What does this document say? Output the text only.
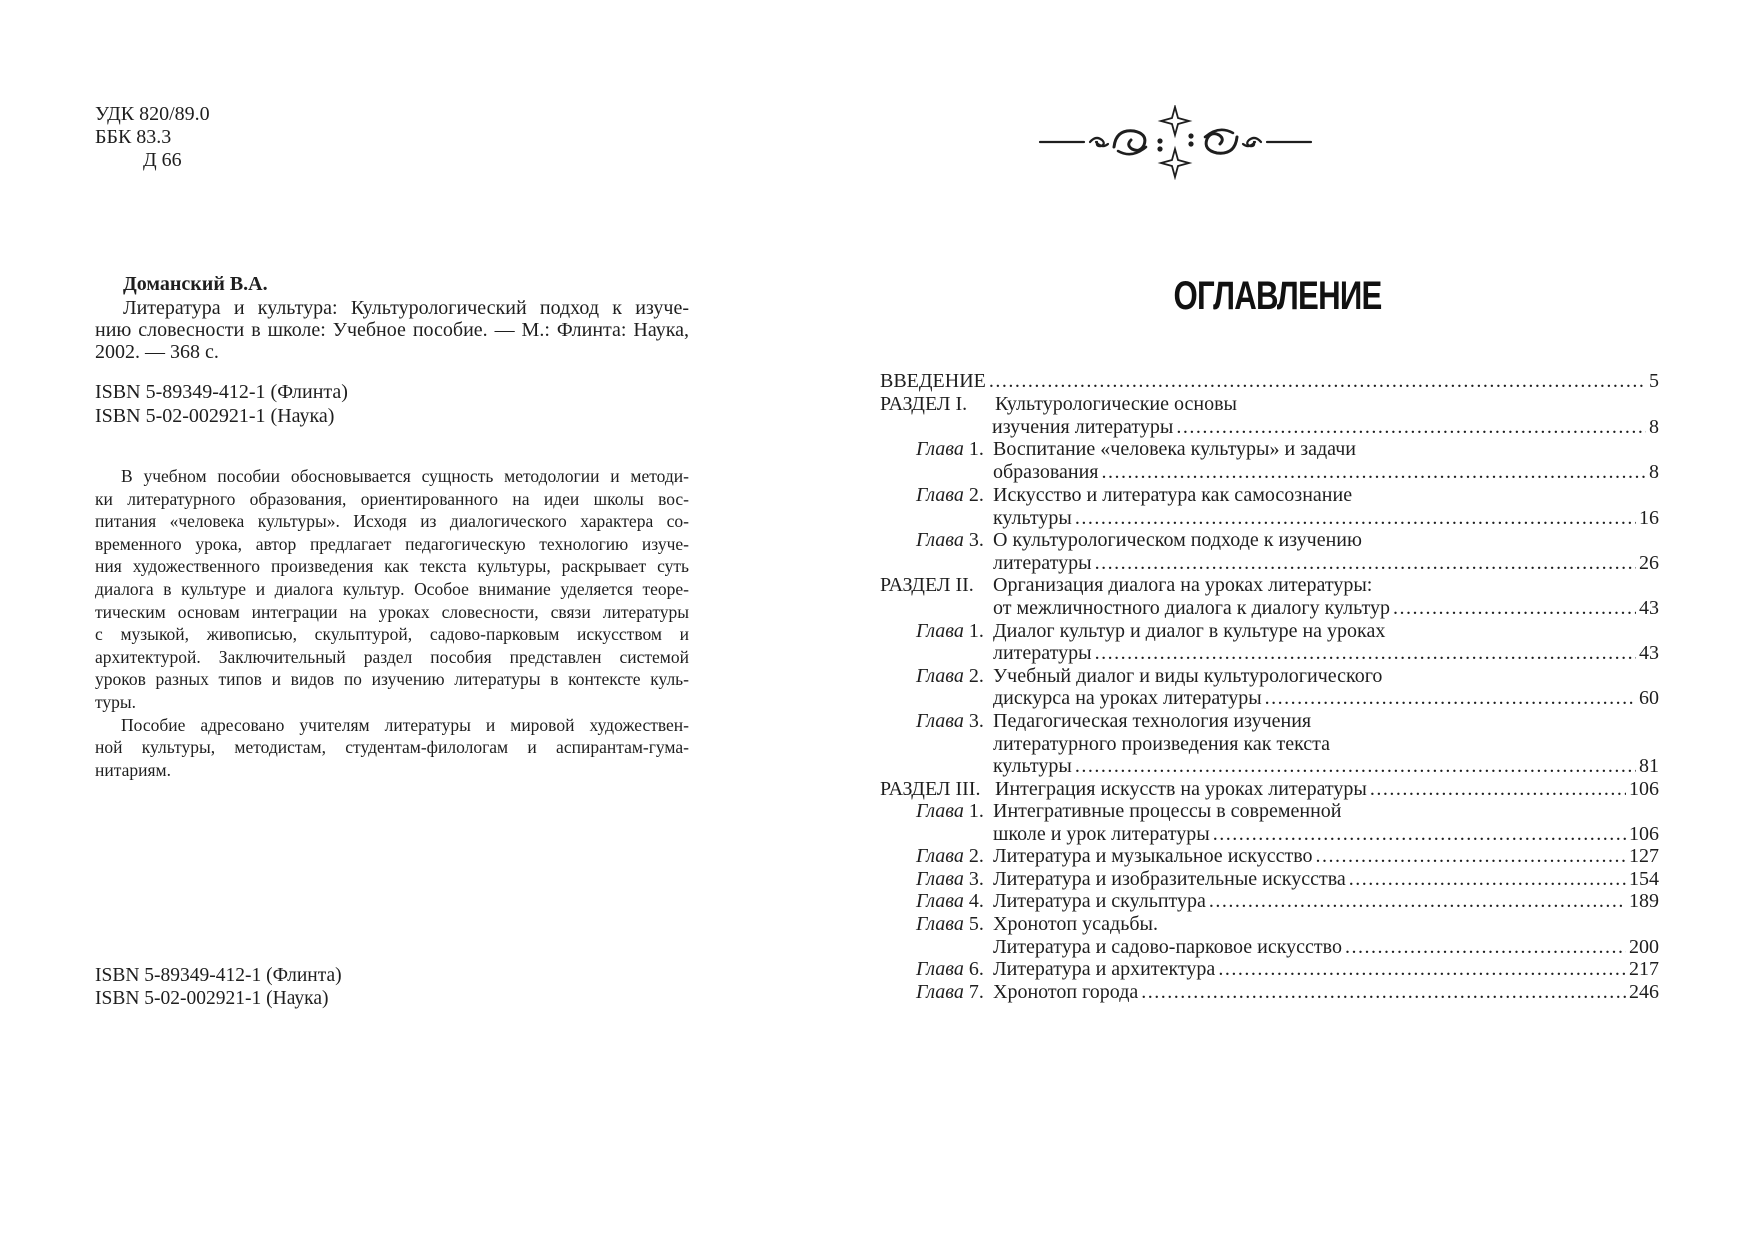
УДК 820/89.0
ББК 83.3
Д 66
Доманский В.А.
Литература и культура: Культурологический подход к изуче-
нию словесности в школе: Учебное пособие. — М.: Флинта: Наука,
2002. — 368 с.
ISBN 5-89349-412-1 (Флинта)
ISBN 5-02-002921-1 (Наука)
В учебном пособии обосновывается сущность методологии и методи-
ки литературного образования, ориентированного на идеи школы вос-
питания «человека культуры». Исходя из диалогического характера со-
временного урока, автор предлагает педагогическую технологию изуче-
ния художественного произведения как текста культуры, раскрывает суть
диалога в культуре и диалога культур. Особое внимание уделяется теоре-
тическим основам интеграции на уроках словесности, связи литературы
с музыкой, живописью, скульптурой, садово-парковым искусством и
архитектурой. Заключительный раздел пособия представлен системой
уроков разных типов и видов по изучению литературы в контексте куль-
туры.
Пособие адресовано учителям литературы и мировой художествен-
ной культуры, методистам, студентам-филологам и аспирантам-гума-
нитариям.
ISBN 5-89349-412-1 (Флинта)
ISBN 5-02-002921-1 (Наука)
ОГЛАВЛЕНИЕ
ВВЕДЕНИЕ .....	5
РАЗДЕЛ I. Культурологические основы
изучения литературы .....	8
Глава 1. Воспитание «человека культуры» и задачи
образования .....	8
Глава 2. Искусство и литература как самосознание
культуры .....	16
Глава 3. О культурологическом подходе к изучению
литературы .....	26
РАЗДЕЛ II. Организация диалога на уроках литературы:
от межличностного диалога к диалогу культур .....	43
Глава 1. Диалог культур и диалог в культуре на уроках
литературы .....	43
Глава 2. Учебный диалог и виды культурологического
дискурса на уроках литературы .....	60
Глава 3. Педагогическая технология изучения
литературного произведения как текста
культуры .....	81
РАЗДЕЛ III. Интеграция искусств на уроках литературы .....	106
Глава 1. Интегративные процессы в современной
школе и урок литературы .....	106
Глава 2. Литература и музыкальное искусство .....	127
Глава 3. Литература и изобразительные искусства .....	154
Глава 4. Литература и скульптура .....	189
Глава 5. Хронотоп усадьбы.
Литература и садово-парковое искусство .....	200
Глава 6. Литература и архитектура .....	217
Глава 7. Хронотоп города .....	246
